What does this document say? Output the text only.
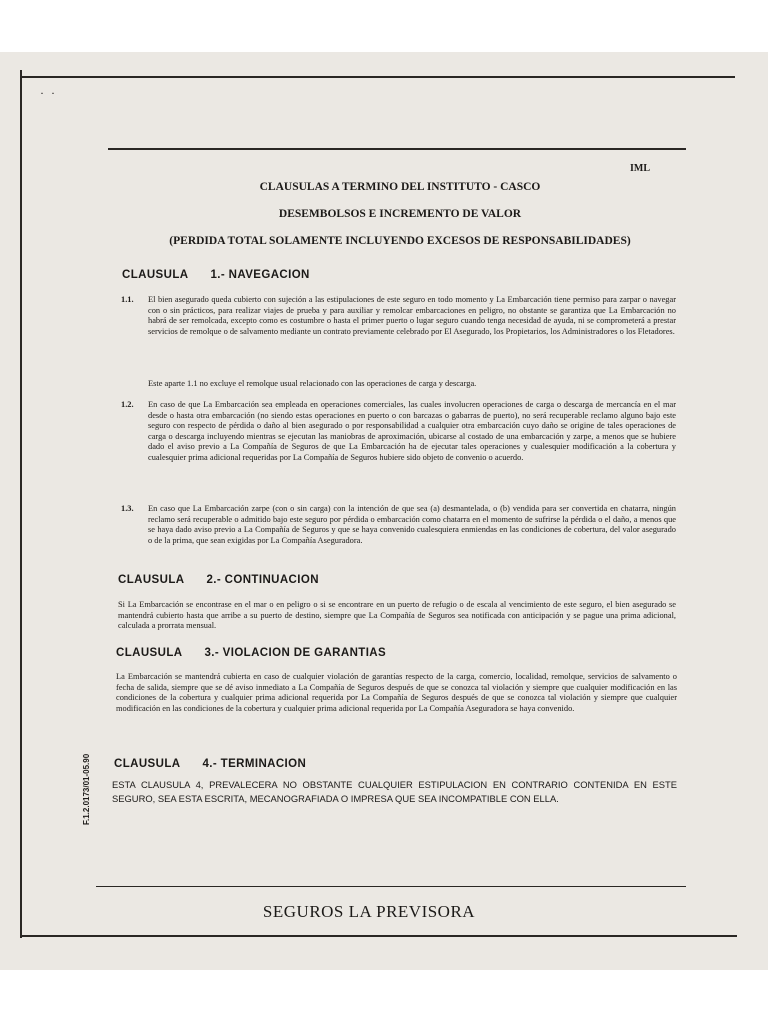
· ·
IML
CLAUSULAS A TERMINO DEL INSTITUTO - CASCO
DESEMBOLSOS E INCREMENTO DE VALOR
(PERDIDA TOTAL SOLAMENTE INCLUYENDO EXCESOS DE RESPONSABILIDADES)
CLAUSULA 1.- NAVEGACION
1.1. El bien asegurado queda cubierto con sujeción a las estipulaciones de este seguro en todo momento y La Embarcación tiene permiso para zarpar o navegar con o sin prácticos, para realizar viajes de prueba y para auxiliar y remolcar embarcaciones en peligro, no obstante se garantiza que La Embarcación no habrá de ser remolcada, excepto como es costumbre o hasta el primer puerto o lugar seguro cuando tenga necesidad de ayuda, ni se comprometerá a prestar servicios de remolque o de salvamento mediante un contrato previamente celebrado por El Asegurado, los Propietarios, los Administradores o los Fletadores.
Este aparte 1.1 no excluye el remolque usual relacionado con las operaciones de carga y descarga.
1.2. En caso de que La Embarcación sea empleada en operaciones comerciales, las cuales involucren operaciones de carga o descarga de mercancía en el mar desde o hasta otra embarcación (no siendo estas operaciones en puerto o con barcazas o gabarras de puerto), no será recuperable reclamo alguno bajo este seguro con respecto de pérdida o daño al bien asegurado o por responsabilidad a cualquier otra embarcación cuyo daño se origine de tales operaciones de carga o descarga incluyendo mientras se ejecutan las maniobras de aproximación, ubicarse al costado de una embarcación y zarpe, a menos que se hubiere dado el aviso previo a La Compañía de Seguros de que La Embarcación ha de ejecutar tales operaciones y cualesquier modificación a la cobertura y cualesquier prima adicional requeridas por La Compañía de Seguros hubiere sido objeto de convenio o acuerdo.
1.3. En caso que La Embarcación zarpe (con o sin carga) con la intención de que sea (a) desmantelada, o (b) vendida para ser convertida en chatarra, ningún reclamo será recuperable o admitido bajo este seguro por pérdida o embarcación como chatarra en el momento de sufrirse la pérdida o el daño, a menos que se haya dado aviso previo a La Compañía de Seguros y que se haya convenido cualesquiera enmiendas en las condiciones de cobertura, del valor asegurado o de la prima, que sean exigidas por La Compañía Aseguradora.
CLAUSULA 2.- CONTINUACION
Si La Embarcación se encontrase en el mar o en peligro o si se encontrare en un puerto de refugio o de escala al vencimiento de este seguro, el bien asegurado se mantendrá cubierto hasta que arribe a su puerto de destino, siempre que La Compañía de Seguros sea notificada con anticipación y se pague una prima adicional, calculada a prorrata mensual.
CLAUSULA 3.- VIOLACION DE GARANTIAS
La Embarcación se mantendrá cubierta en caso de cualquier violación de garantías respecto de la carga, comercio, localidad, remolque, servicios de salvamento o fecha de salida, siempre que se dé aviso inmediato a La Compañía de Seguros después de que se conozca tal violación y siempre que cualquier modificación en las condiciones de la cobertura y cualquier prima adicional requerida por La Compañía de Seguros después de que se conozca tal violación y siempre que cualquier modificación en las condiciones de la cobertura y cualquier prima adicional requerida por La Compañía Aseguradora se haya convenido.
CLAUSULA 4.- TERMINACION
ESTA CLAUSULA 4, PREVALECERA NO OBSTANTE CUALQUIER ESTIPULACION EN CONTRARIO CONTENIDA EN ESTE SEGURO, SEA ESTA ESCRITA, MECANOGRAFIADA O IMPRESA QUE SEA INCOMPATIBLE CON ELLA.
F.1.2.0173/01-05.90
SEGUROS LA PREVISORA
